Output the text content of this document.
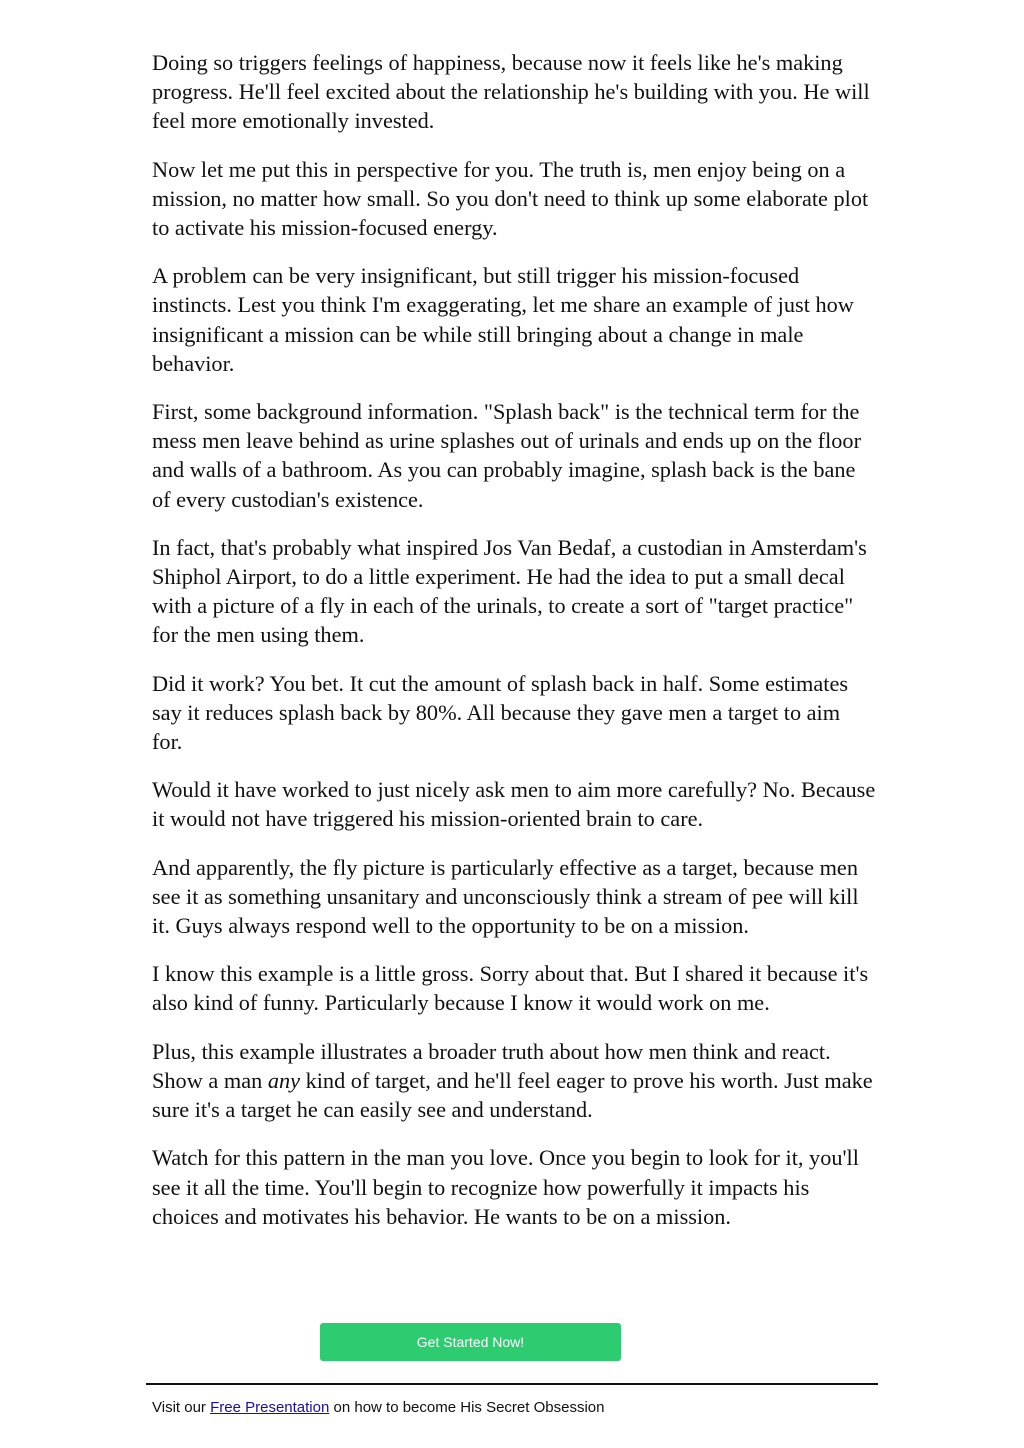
Doing so triggers feelings of happiness, because now it feels like he's making progress. He'll feel excited about the relationship he's building with you. He will feel more emotionally invested.

Now let me put this in perspective for you. The truth is, men enjoy being on a mission, no matter how small. So you don't need to think up some elaborate plot to activate his mission-focused energy.

A problem can be very insignificant, but still trigger his mission-focused instincts. Lest you think I'm exaggerating, let me share an example of just how insignificant a mission can be while still bringing about a change in male behavior.

First, some background information. "Splash back" is the technical term for the mess men leave behind as urine splashes out of urinals and ends up on the floor and walls of a bathroom. As you can probably imagine, splash back is the bane of every custodian's existence.

In fact, that's probably what inspired Jos Van Bedaf, a custodian in Amsterdam's Shiphol Airport, to do a little experiment. He had the idea to put a small decal with a picture of a fly in each of the urinals, to create a sort of "target practice" for the men using them.

Did it work? You bet. It cut the amount of splash back in half. Some estimates say it reduces splash back by 80%. All because they gave men a target to aim for.

Would it have worked to just nicely ask men to aim more carefully? No. Because it would not have triggered his mission-oriented brain to care.

And apparently, the fly picture is particularly effective as a target, because men see it as something unsanitary and unconsciously think a stream of pee will kill it. Guys always respond well to the opportunity to be on a mission.

I know this example is a little gross. Sorry about that. But I shared it because it's also kind of funny. Particularly because I know it would work on me.

Plus, this example illustrates a broader truth about how men think and react. Show a man any kind of target, and he'll feel eager to prove his worth. Just make sure it's a target he can easily see and understand.

Watch for this pattern in the man you love. Once you begin to look for it, you'll see it all the time. You'll begin to recognize how powerfully it impacts his choices and motivates his behavior. He wants to be on a mission.

Get Started Now!
Visit our Free Presentation on how to become His Secret Obsession
